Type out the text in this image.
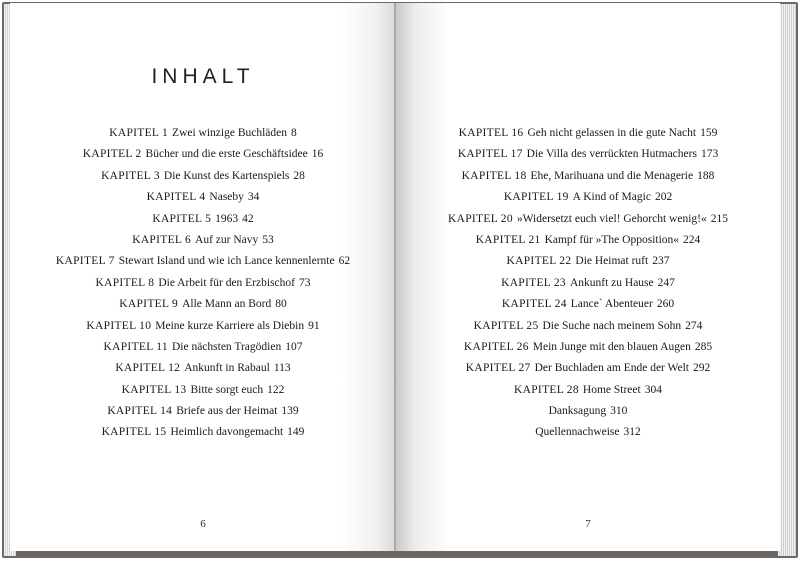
INHALT
KAPITEL 1 Zwei winzige Buchläden 8
KAPITEL 2 Bücher und die erste Geschäftsidee 16
KAPITEL 3 Die Kunst des Kartenspiels 28
KAPITEL 4 Naseby 34
KAPITEL 5 1963 42
KAPITEL 6 Auf zur Navy 53
KAPITEL 7 Stewart Island und wie ich Lance kennenlernte 62
KAPITEL 8 Die Arbeit für den Erzbischof 73
KAPITEL 9 Alle Mann an Bord 80
KAPITEL 10 Meine kurze Karriere als Diebin 91
KAPITEL 11 Die nächsten Tragödien 107
KAPITEL 12 Ankunft in Rabaul 113
KAPITEL 13 Bitte sorgt euch 122
KAPITEL 14 Briefe aus der Heimat 139
KAPITEL 15 Heimlich davongemacht 149
6
KAPITEL 16 Geh nicht gelassen in die gute Nacht 159
KAPITEL 17 Die Villa des verrückten Hutmachers 173
KAPITEL 18 Ehe, Marihuana und die Menagerie 188
KAPITEL 19 A Kind of Magic 202
KAPITEL 20 »Widersetzt euch viel! Gehorcht wenig!« 215
KAPITEL 21 Kampf für »The Opposition« 224
KAPITEL 22 Die Heimat ruft 237
KAPITEL 23 Ankunft zu Hause 247
KAPITEL 24 Lance` Abenteuer 260
KAPITEL 25 Die Suche nach meinem Sohn 274
KAPITEL 26 Mein Junge mit den blauen Augen 285
KAPITEL 27 Der Buchladen am Ende der Welt 292
KAPITEL 28 Home Street 304
Danksagung 310
Quellennachweise 312
7
